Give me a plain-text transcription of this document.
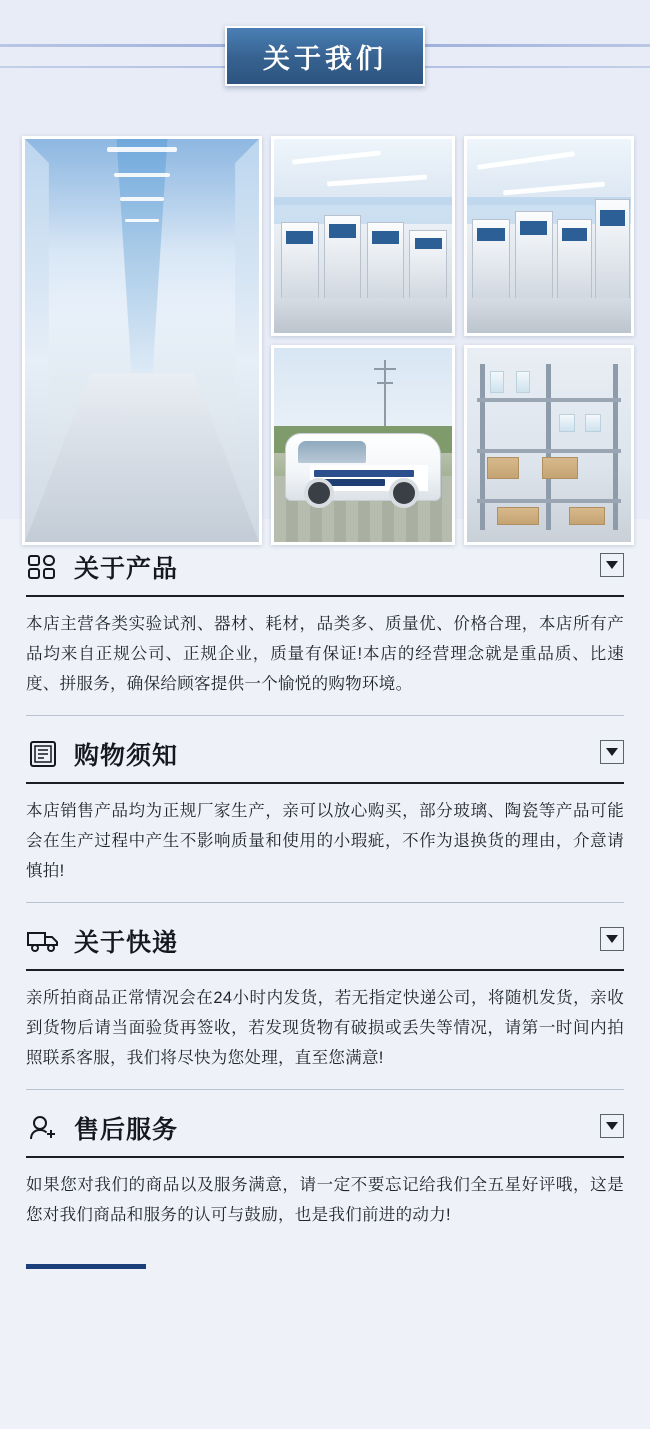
关于我们
关于产品
本店主营各类实验试剂、器材、耗材，品类多、质量优、价格合理，本店所有产品均来自正规公司、正规企业，质量有保证!本店的经营理念就是重品质、比速度、拼服务，确保给顾客提供一个愉悦的购物环境。
购物须知
本店销售产品均为正规厂家生产，亲可以放心购买，部分玻璃、陶瓷等产品可能会在生产过程中产生不影响质量和使用的小瑕疵，不作为退换货的理由，介意请慎拍!
关于快递
亲所拍商品正常情况会在24小时内发货，若无指定快递公司，将随机发货，亲收到货物后请当面验货再签收，若发现货物有破损或丢失等情况，请第一时间内拍照联系客服，我们将尽快为您处理，直至您满意!
售后服务
如果您对我们的商品以及服务满意，请一定不要忘记给我们全五星好评哦，这是您对我们商品和服务的认可与鼓励，也是我们前进的动力!
